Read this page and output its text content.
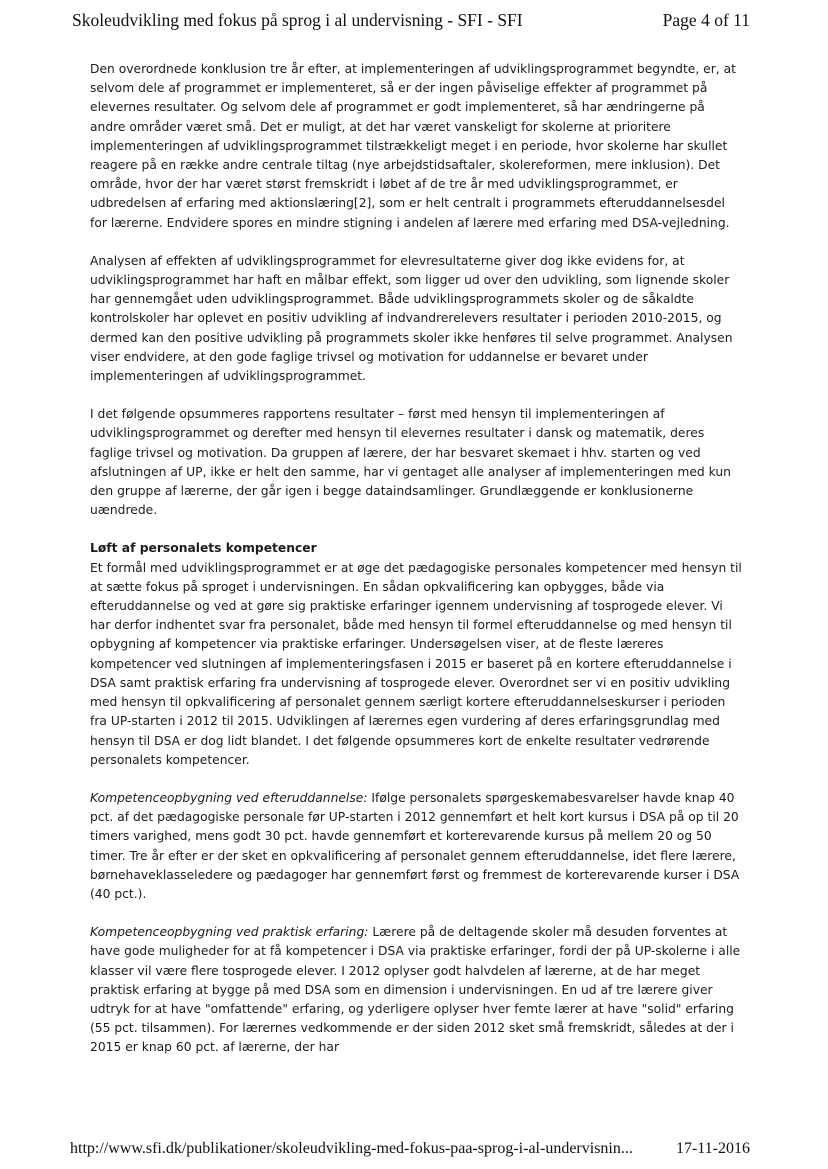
Skoleudvikling med fokus på sprog i al undervisning - SFI - SFI	Page 4 of 11

Den overordnede konklusion tre år efter, at implementeringen af udviklingsprogrammet begyndte, er, at selvom dele af programmet er implementeret, så er der ingen påviselige effekter af programmet på elevernes resultater. Og selvom dele af programmet er godt implementeret, så har ændringerne på andre områder været små. Det er muligt, at det har været vanskeligt for skolerne at prioritere implementeringen af udviklingsprogrammet tilstrækkeligt meget i en periode, hvor skolerne har skullet reagere på en række andre centrale tiltag (nye arbejdstidsaftaler, skolereformen, mere inklusion). Det område, hvor der har været størst fremskridt i løbet af de tre år med udviklingsprogrammet, er udbredelsen af erfaring med aktionslæring[2], som er helt centralt i programmets efteruddannelsesdel for lærerne. Endvidere spores en mindre stigning i andelen af lærere med erfaring med DSA-vejledning.

Analysen af effekten af udviklingsprogrammet for elevresultaterne giver dog ikke evidens for, at udviklingsprogrammet har haft en målbar effekt, som ligger ud over den udvikling, som lignende skoler har gennemgået uden udviklingsprogrammet. Både udviklingsprogrammets skoler og de såkaldte kontrolskoler har oplevet en positiv udvikling af indvandrerelevers resultater i perioden 2010-2015, og dermed kan den positive udvikling på programmets skoler ikke henføres til selve programmet. Analysen viser endvidere, at den gode faglige trivsel og motivation for uddannelse er bevaret under implementeringen af udviklingsprogrammet.

I det følgende opsummeres rapportens resultater – først med hensyn til implementeringen af udviklingsprogrammet og derefter med hensyn til elevernes resultater i dansk og matematik, deres faglige trivsel og motivation. Da gruppen af lærere, der har besvaret skemaet i hhv. starten og ved afslutningen af UP, ikke er helt den samme, har vi gentaget alle analyser af implementeringen med kun den gruppe af lærerne, der går igen i begge dataindsamlinger. Grundlæggende er konklusionerne uændrede.

Løft af personalets kompetencer

Et formål med udviklingsprogrammet er at øge det pædagogiske personales kompetencer med hensyn til at sætte fokus på sproget i undervisningen. En sådan opkvalificering kan opbygges, både via efteruddannelse og ved at gøre sig praktiske erfaringer igennem undervisning af tosprogede elever. Vi har derfor indhentet svar fra personalet, både med hensyn til formel efteruddannelse og med hensyn til opbygning af kompetencer via praktiske erfaringer. Undersøgelsen viser, at de fleste læreres kompetencer ved slutningen af implementeringsfasen i 2015 er baseret på en kortere efteruddannelse i DSA samt praktisk erfaring fra undervisning af tosprogede elever. Overordnet ser vi en positiv udvikling med hensyn til opkvalificering af personalet gennem særligt kortere efteruddannelseskurser i perioden fra UP-starten i 2012 til 2015. Udviklingen af lærernes egen vurdering af deres erfaringsgrundlag med hensyn til DSA er dog lidt blandet. I det følgende opsummeres kort de enkelte resultater vedrørende personalets kompetencer.

Kompetenceopbygning ved efteruddannelse: Ifølge personalets spørgeskemabesvarelser havde knap 40 pct. af det pædagogiske personale før UP-starten i 2012 gennemført et helt kort kursus i DSA på op til 20 timers varighed, mens godt 30 pct. havde gennemført et korterevarende kursus på mellem 20 og 50 timer. Tre år efter er der sket en opkvalificering af personalet gennem efteruddannelse, idet flere lærere, børnehaveklasseledere og pædagoger har gennemført først og fremmest de korterevarende kurser i DSA (40 pct.).

Kompetenceopbygning ved praktisk erfaring: Lærere på de deltagende skoler må desuden forventes at have gode muligheder for at få kompetencer i DSA via praktiske erfaringer, fordi der på UP-skolerne i alle klasser vil være flere tosprogede elever. I 2012 oplyser godt halvdelen af lærerne, at de har meget praktisk erfaring at bygge på med DSA som en dimension i undervisningen. En ud af tre lærere giver udtryk for at have "omfattende" erfaring, og yderligere oplyser hver femte lærer at have "solid" erfaring (55 pct. tilsammen). For lærernes vedkommende er der siden 2012 sket små fremskridt, således at der i 2015 er knap 60 pct. af lærerne, der har

http://www.sfi.dk/publikationer/skoleudvikling-med-fokus-paa-sprog-i-al-undervisnin...	17-11-2016
